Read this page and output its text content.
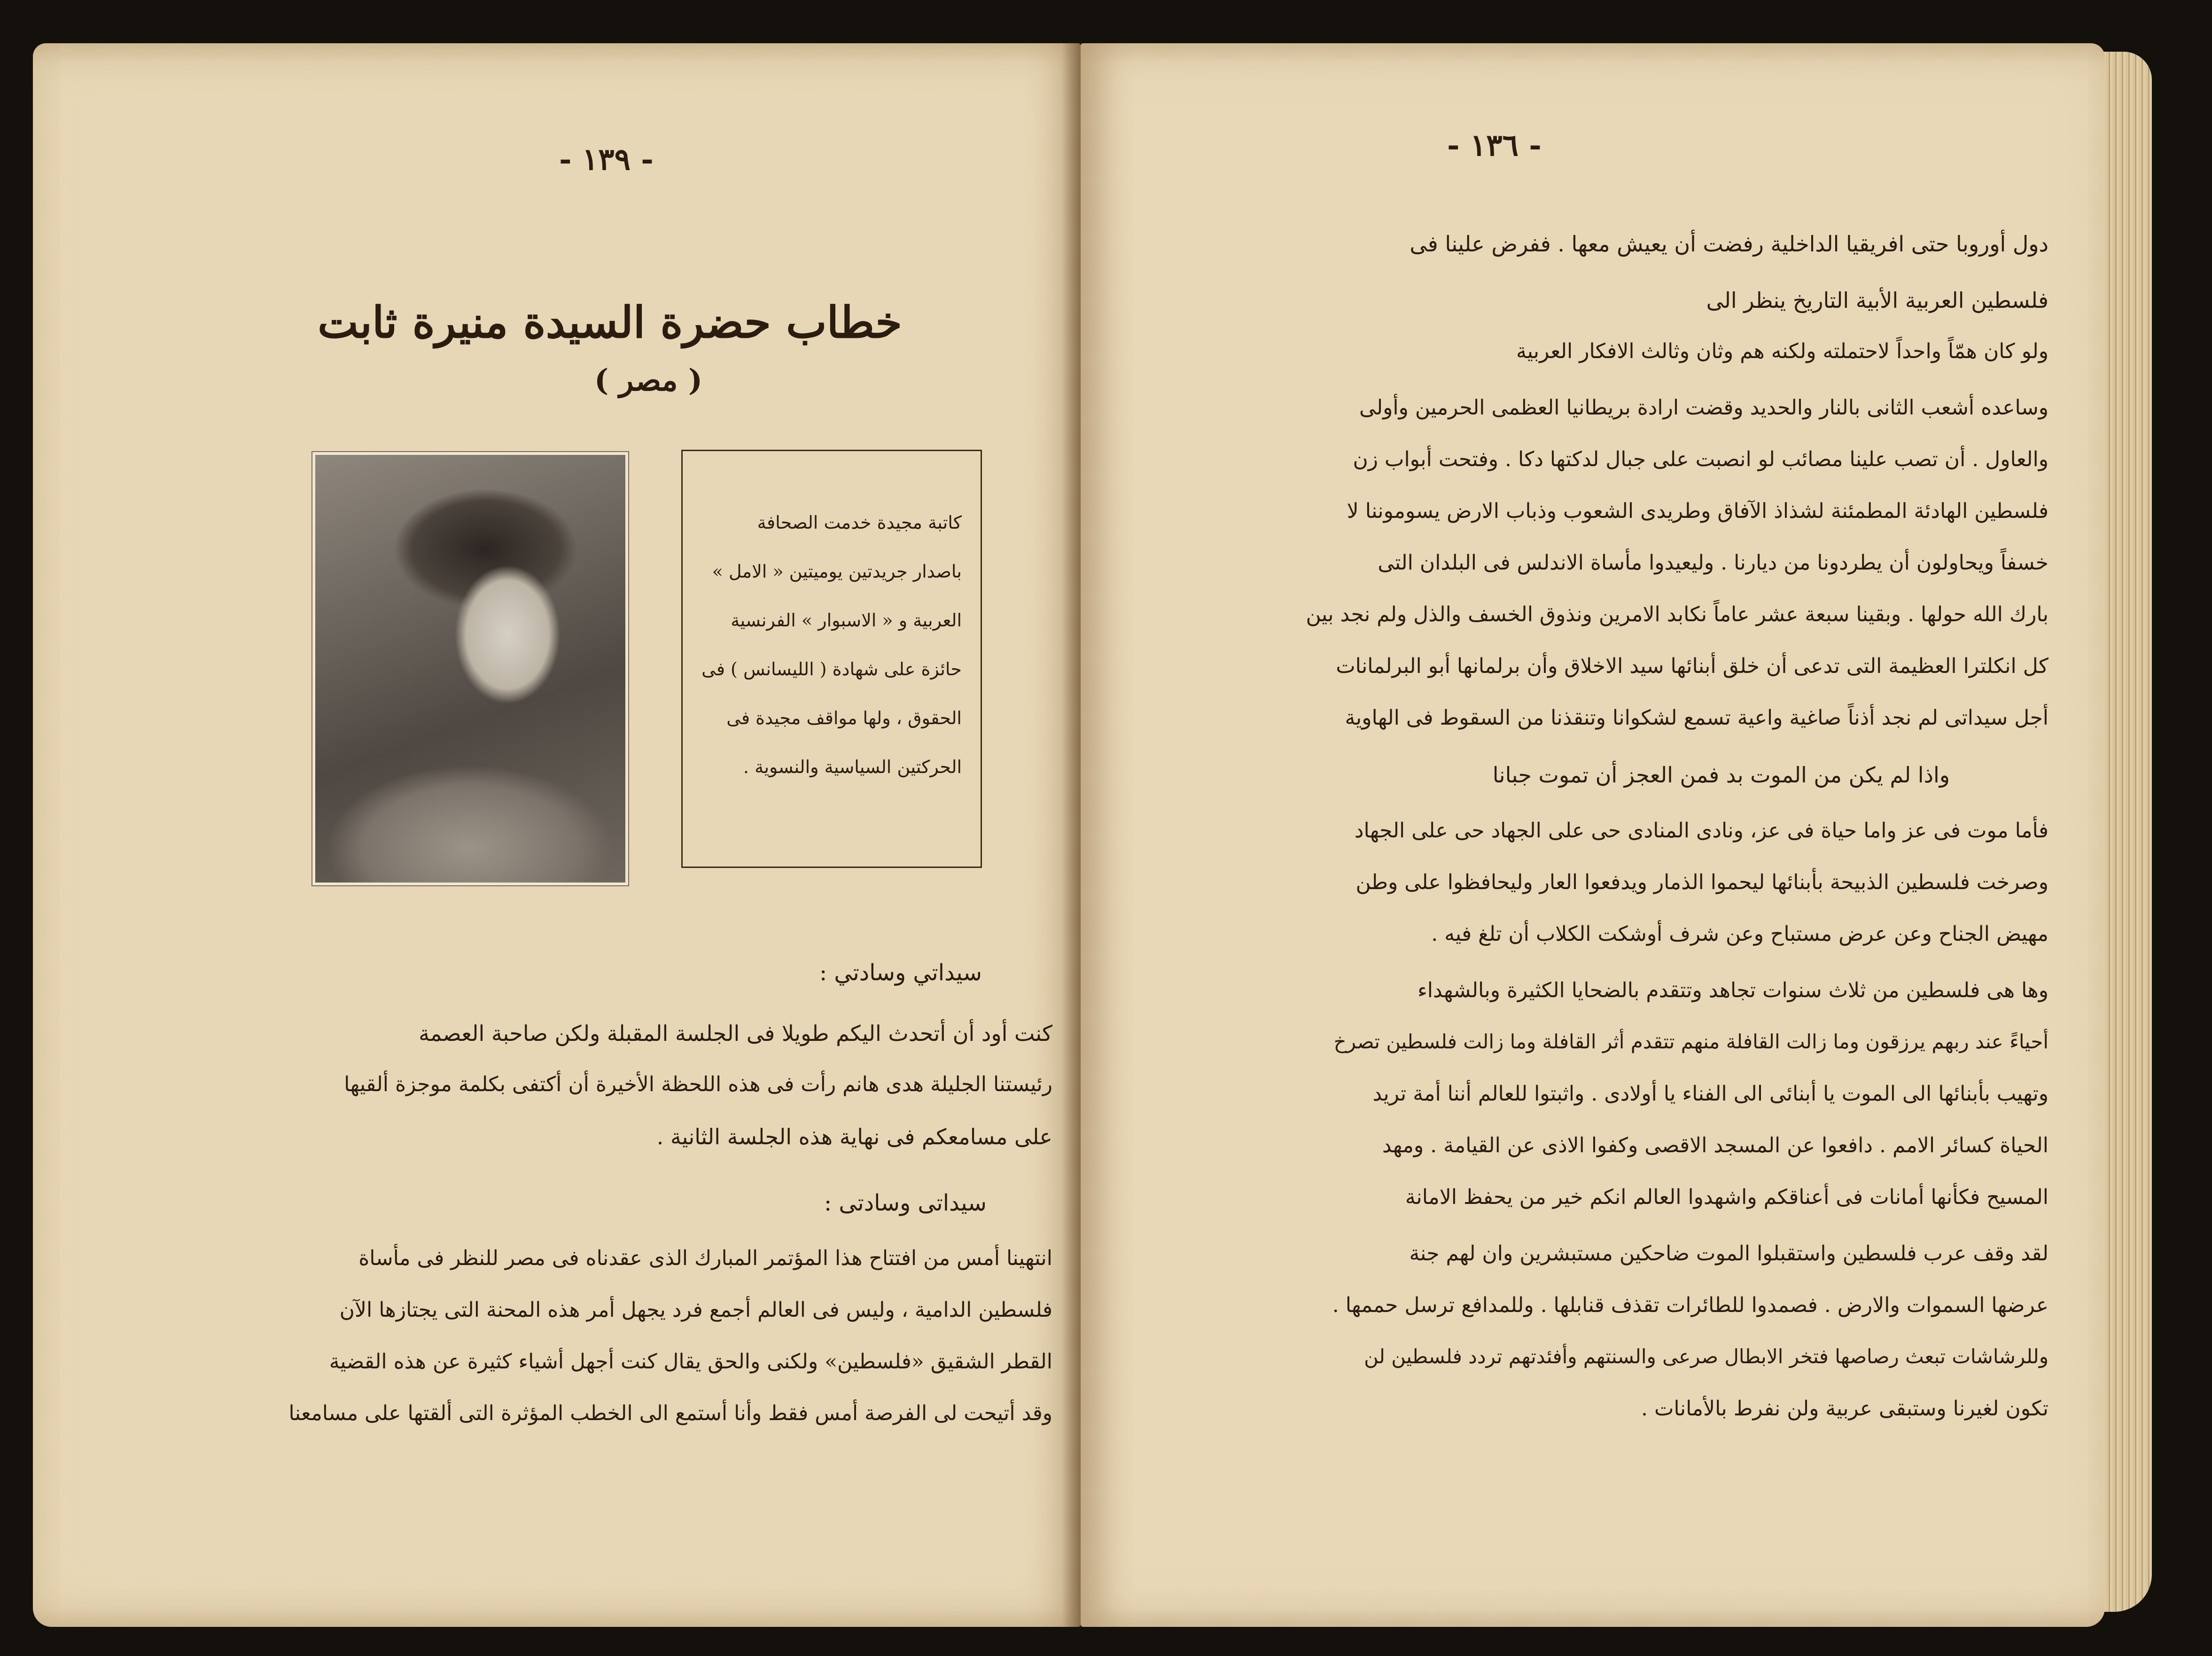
- ١٣٩ -
خطاب حضرة السيدة منيرة ثابت
( مصر )
كاتبة مجيدة خدمت الصحافة
باصدار جريدتين يوميتين « الامل »
العربية و « الاسبوار » الفرنسية
حائزة على شهادة ( الليسانس ) فى
الحقوق ، ولها مواقف مجيدة فى
الحركتين السياسية والنسوية .
سيداتي وسادتي :
كنت أود أن أتحدث اليكم طويلا فى الجلسة المقبلة ولكن صاحبة العصمة
رئيستنا الجليلة هدى هانم رأت فى هذه اللحظة الأخيرة أن أكتفى بكلمة موجزة ألقيها
على مسامعكم فى نهاية هذه الجلسة الثانية .
سيداتى وسادتى :
انتهينا أمس من افتتاح هذا المؤتمر المبارك الذى عقدناه فى مصر للنظر فى مأساة
فلسطين الدامية ، وليس فى العالم أجمع فرد يجهل أمر هذه المحنة التى يجتازها الآن
القطر الشقيق «فلسطين» ولكنى والحق يقال كنت أجهل أشياء كثيرة عن هذه القضية
وقد أتيحت لى الفرصة أمس فقط وأنا أستمع الى الخطب المؤثرة التى ألقتها على مسامعنا
- ١٣٦ -
دول أوروبا حتى افريقيا الداخلية رفضت أن يعيش معها . ففرض علينا فى
فلسطين العربية الأبية التاريخ ينظر الى
ولو كان همّاً واحداً لاحتملته ولكنه هم وثان وثالث الافكار العربية
وساعده أشعب الثانى بالنار والحديد وقضت ارادة بريطانيا العظمى الحرمين وأولى
والعاول . أن تصب علينا مصائب لو انصبت على جبال لدكتها دكا . وفتحت أبواب زن
فلسطين الهادئة المطمئنة لشذاذ الآفاق وطريدى الشعوب وذباب الارض يسوموننا لا
خسفاً ويحاولون أن يطردونا من ديارنا . وليعيدوا مأساة الاندلس فى البلدان التى
بارك الله حولها . وبقينا سبعة عشر عاماً نكابد الامرين ونذوق الخسف والذل ولم نجد بين
كل انكلترا العظيمة التى تدعى أن خلق أبنائها سيد الاخلاق وأن برلمانها أبو البرلمانات
أجل سيداتى لم نجد أذناً صاغية واعية تسمع لشكوانا وتنقذنا من السقوط فى الهاوية
واذا لم يكن من الموت بد فمن العجز أن تموت جبانا
فأما موت فى عز واما حياة فى عز، ونادى المنادى حى على الجهاد حى على الجهاد
وصرخت فلسطين الذبيحة بأبنائها ليحموا الذمار ويدفعوا العار وليحافظوا على وطن
مهيض الجناح وعن عرض مستباح وعن شرف أوشكت الكلاب أن تلغ فيه .
وها هى فلسطين من ثلاث سنوات تجاهد وتتقدم بالضحايا الكثيرة وبالشهداء
أحياءً عند ربهم يرزقون وما زالت القافلة منهم تتقدم أثر القافلة وما زالت فلسطين تصرخ
وتهيب بأبنائها الى الموت يا أبنائى الى الفناء يا أولادى . واثبتوا للعالم أننا أمة تريد
الحياة كسائر الامم . دافعوا عن المسجد الاقصى وكفوا الاذى عن القيامة . ومهد
المسيح فكأنها أمانات فى أعناقكم واشهدوا العالم انكم خير من يحفظ الامانة
لقد وقف عرب فلسطين واستقبلوا الموت ضاحكين مستبشرين وان لهم جنة
عرضها السموات والارض . فصمدوا للطائرات تقذف قنابلها . وللمدافع ترسل حممها .
وللرشاشات تبعث رصاصها فتخر الابطال صرعى والسنتهم وأفئدتهم تردد فلسطين لن
تكون لغيرنا وستبقى عربية ولن نفرط بالأمانات .
